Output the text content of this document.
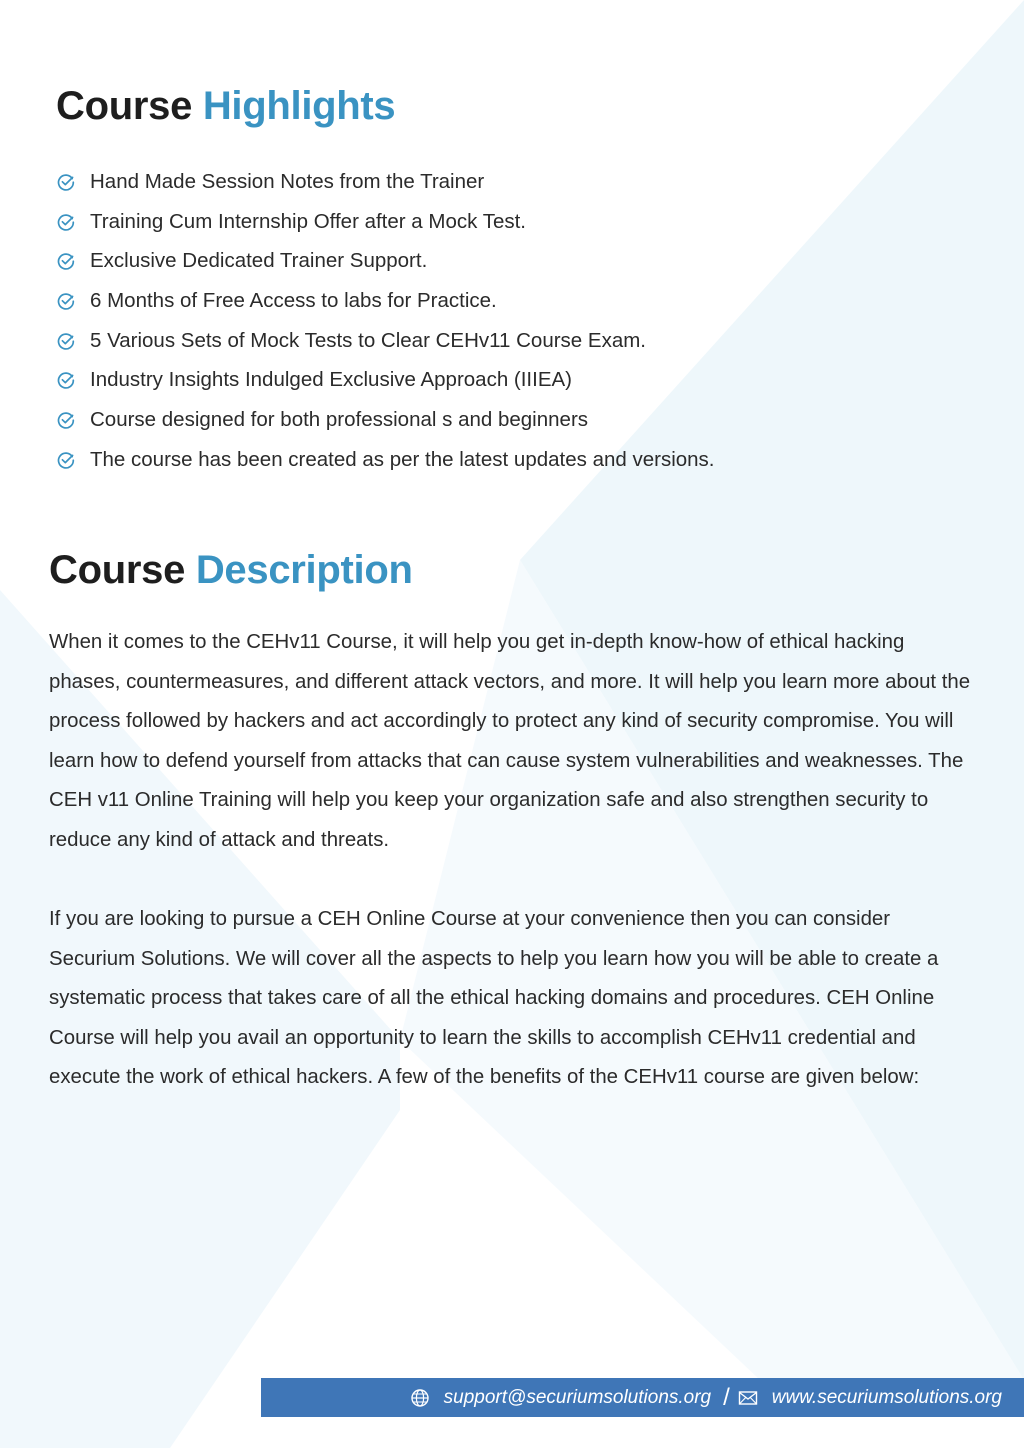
Course Highlights
Hand Made Session Notes from the Trainer
Training Cum Internship Offer after a Mock Test.
Exclusive Dedicated Trainer Support.
6 Months of Free Access to labs for Practice.
5 Various Sets of Mock Tests to Clear CEHv11 Course Exam.
Industry Insights Indulged Exclusive Approach (IIIEA)
Course designed for both professional s and beginners
The course has been created as per the latest updates and versions.
Course Description

When it comes to the CEHv11 Course, it will help you get in-depth know-how of ethical hacking phases, countermeasures, and different attack vectors, and more. It will help you learn more about the process followed by hackers and act accordingly to protect any kind of security compromise. You will learn how to defend yourself from attacks that can cause system vulnerabilities and weaknesses. The CEH v11 Online Training will help you keep your organization safe and also strengthen security to reduce any kind of attack and threats.

If you are looking to pursue a CEH Online Course at your convenience then you can consider Securium Solutions. We will cover all the aspects to help you learn how you will be able to create a systematic process that takes care of all the ethical hacking domains and procedures. CEH Online Course will help you avail an opportunity to learn the skills to accomplish CEHv11 credential and execute the work of ethical hackers. A few of the benefits of the CEHv11 course are given below:

support@securiumsolutions.org / www.securiumsolutions.org
